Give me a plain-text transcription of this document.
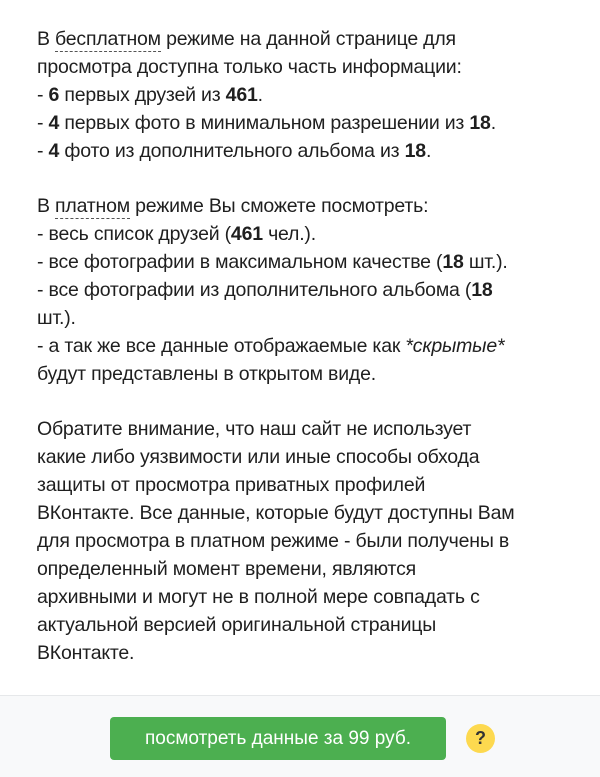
В бесплатном режиме на данной странице для
просмотра доступна только часть информации:
- 6 первых друзей из 461.
- 4 первых фото в минимальном разрешении из 18.
- 4 фото из дополнительного альбома из 18.
В платном режиме Вы сможете посмотреть:
- весь список друзей (461 чел.).
- все фотографии в максимальном качестве (18 шт.).
- все фотографии из дополнительного альбома (18
шт.).
- а так же все данные отображаемые как *скрытые*
будут представлены в открытом виде.
Обратите внимание, что наш сайт не использует
какие либо уязвимости или иные способы обхода
защиты от просмотра приватных профилей
ВКонтакте. Все данные, которые будут доступны Вам
для просмотра в платном режиме - были получены в
определенный момент времени, являются
архивными и могут не в полной мере совпадать с
актуальной версией оригинальной страницы
ВКонтакте.
посмотреть данные за 99 руб.	?
